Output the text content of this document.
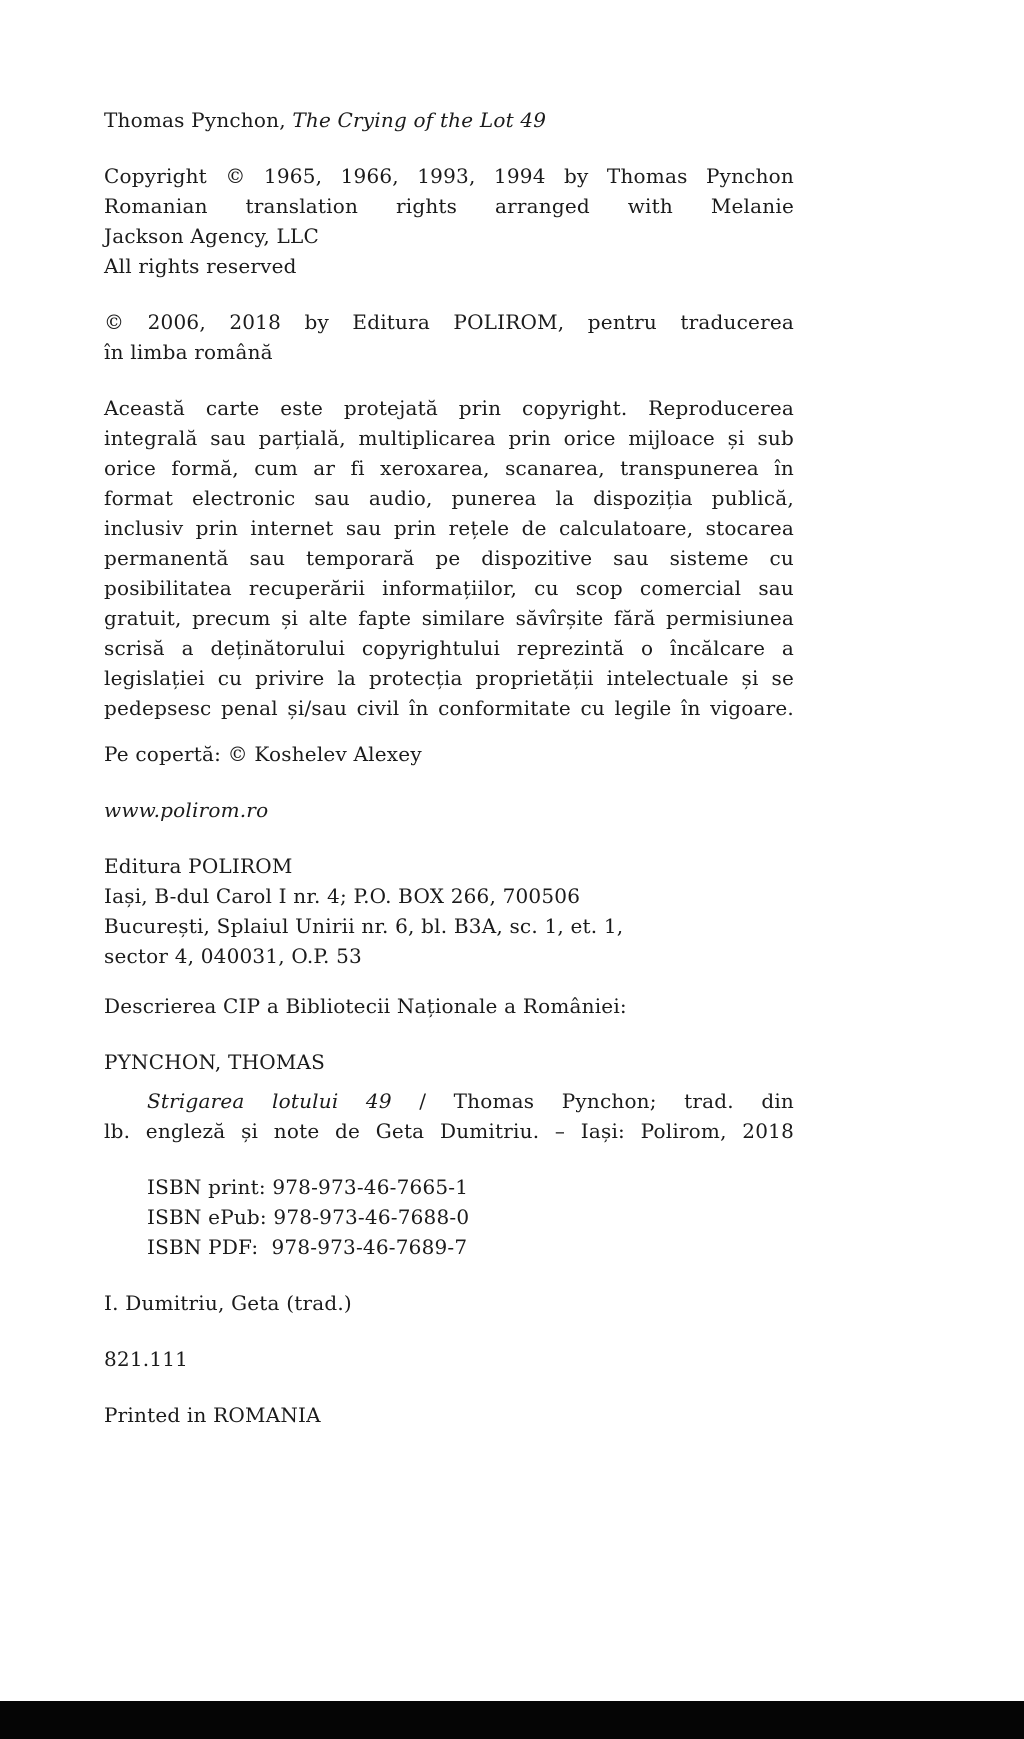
Thomas Pynchon, The Crying of the Lot 49
Copyright © 1965, 1966, 1993, 1994 by Thomas Pynchon
Romanian translation rights arranged with Melanie
Jackson Agency, LLC
All rights reserved
© 2006, 2018 by Editura POLIROM, pentru traducerea
în limba română
Această carte este protejată prin copyright. Reproducerea
integrală sau parțială, multiplicarea prin orice mijloace și sub
orice formă, cum ar fi xeroxarea, scanarea, transpunerea în
format electronic sau audio, punerea la dispoziția publică,
inclusiv prin internet sau prin rețele de calculatoare, stocarea
permanentă sau temporară pe dispozitive sau sisteme cu
posibilitatea recuperării informațiilor, cu scop comercial sau
gratuit, precum și alte fapte similare săvîrșite fără permisiunea
scrisă a deținătorului copyrightului reprezintă o încălcare a
legislației cu privire la protecția proprietății intelectuale și se
pedepsesc penal și/sau civil în conformitate cu legile în vigoare.
Pe copertă: © Koshelev Alexey
www.polirom.ro
Editura POLIROM
Iași, B-dul Carol I nr. 4; P.O. BOX 266, 700506
București, Splaiul Unirii nr. 6, bl. B3A, sc. 1, et. 1,
sector 4, 040031, O.P. 53
Descrierea CIP a Bibliotecii Naționale a României:
PYNCHON, THOMAS
Strigarea lotului 49 / Thomas Pynchon; trad. din
lb. engleză și note de Geta Dumitriu. – Iași: Polirom, 2018
ISBN print: 978-973-46-7665-1
ISBN ePub: 978-973-46-7688-0
ISBN PDF:  978-973-46-7689-7
I. Dumitriu, Geta (trad.)
821.111
Printed in ROMANIA
